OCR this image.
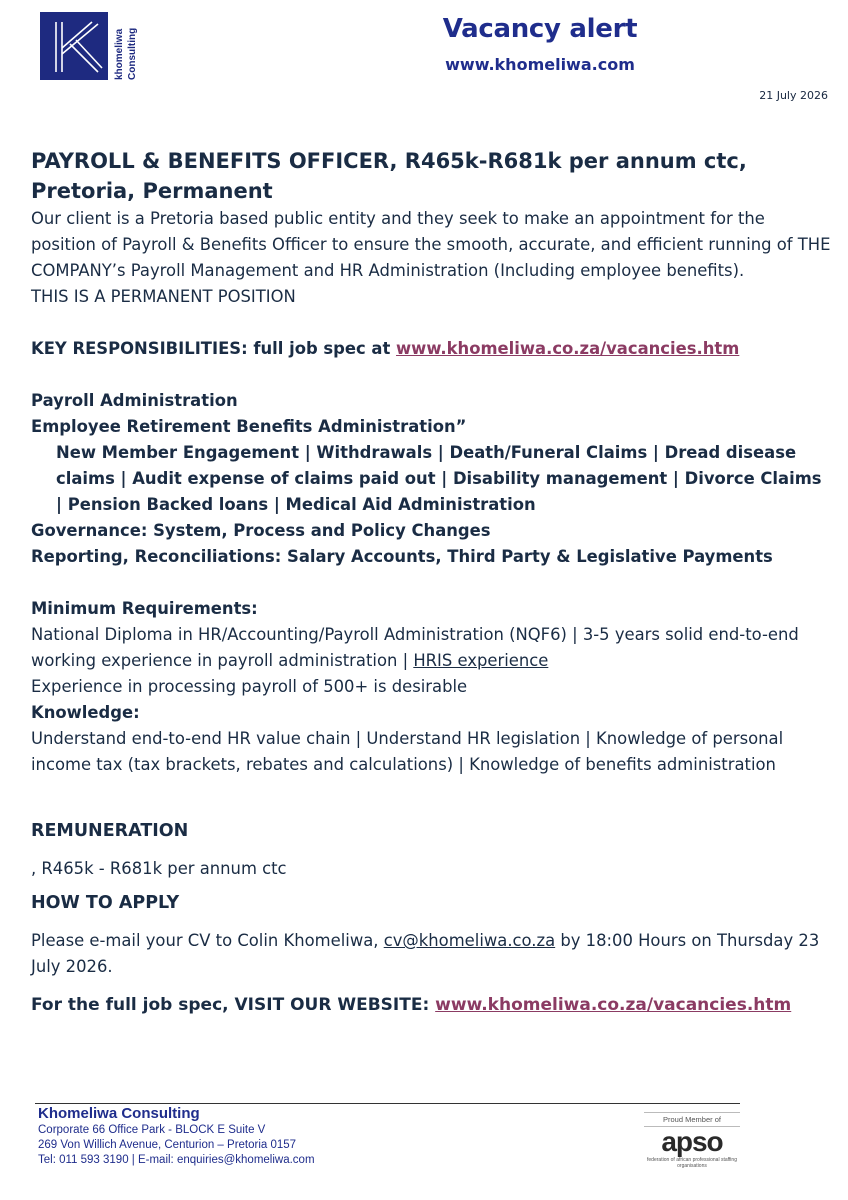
khomeliwa Consulting	Vacancy alert
www.khomeliwa.com
21 July 2026

PAYROLL & BENEFITS OFFICER, R465k-R681k per annum ctc, Pretoria, Permanent

Our client is a Pretoria based public entity and they seek to make an appointment for the position of Payroll & Benefits Officer to ensure the smooth, accurate, and efficient running of THE COMPANY’s Payroll Management and HR Administration (Including employee benefits).

THIS IS A PERMANENT POSITION

KEY RESPONSIBILITIES: full job spec at www.khomeliwa.co.za/vacancies.htm

Payroll Administration

Employee Retirement Benefits Administration”

New Member Engagement | Withdrawals | Death/Funeral Claims | Dread disease claims | Audit expense of claims paid out | Disability management | Divorce Claims | Pension Backed loans | Medical Aid Administration

Governance: System, Process and Policy Changes

Reporting, Reconciliations: Salary Accounts, Third Party & Legislative Payments

Minimum Requirements:

National Diploma in HR/Accounting/Payroll Administration (NQF6) | 3-5 years solid end-to-end working experience in payroll administration | HRIS experience

Experience in processing payroll of 500+ is desirable

Knowledge:

Understand end-to-end HR value chain | Understand HR legislation | Knowledge of personal income tax (tax brackets, rebates and calculations) | Knowledge of benefits administration

REMUNERATION

, R465k - R681k per annum ctc

HOW TO APPLY

Please e-mail your CV to Colin Khomeliwa, cv@khomeliwa.co.za by 18:00 Hours on Thursday 23 July 2026.

For the full job spec, VISIT OUR WEBSITE: www.khomeliwa.co.za/vacancies.htm

Khomeliwa Consulting
Corporate 66 Office Park - BLOCK E Suite V
269 Von Willich Avenue, Centurion – Pretoria 0157
Tel: 011 593 3190 | E-mail: enquiries@khomeliwa.com
Proud Member of
apso
federation of african professional staffing organisations
